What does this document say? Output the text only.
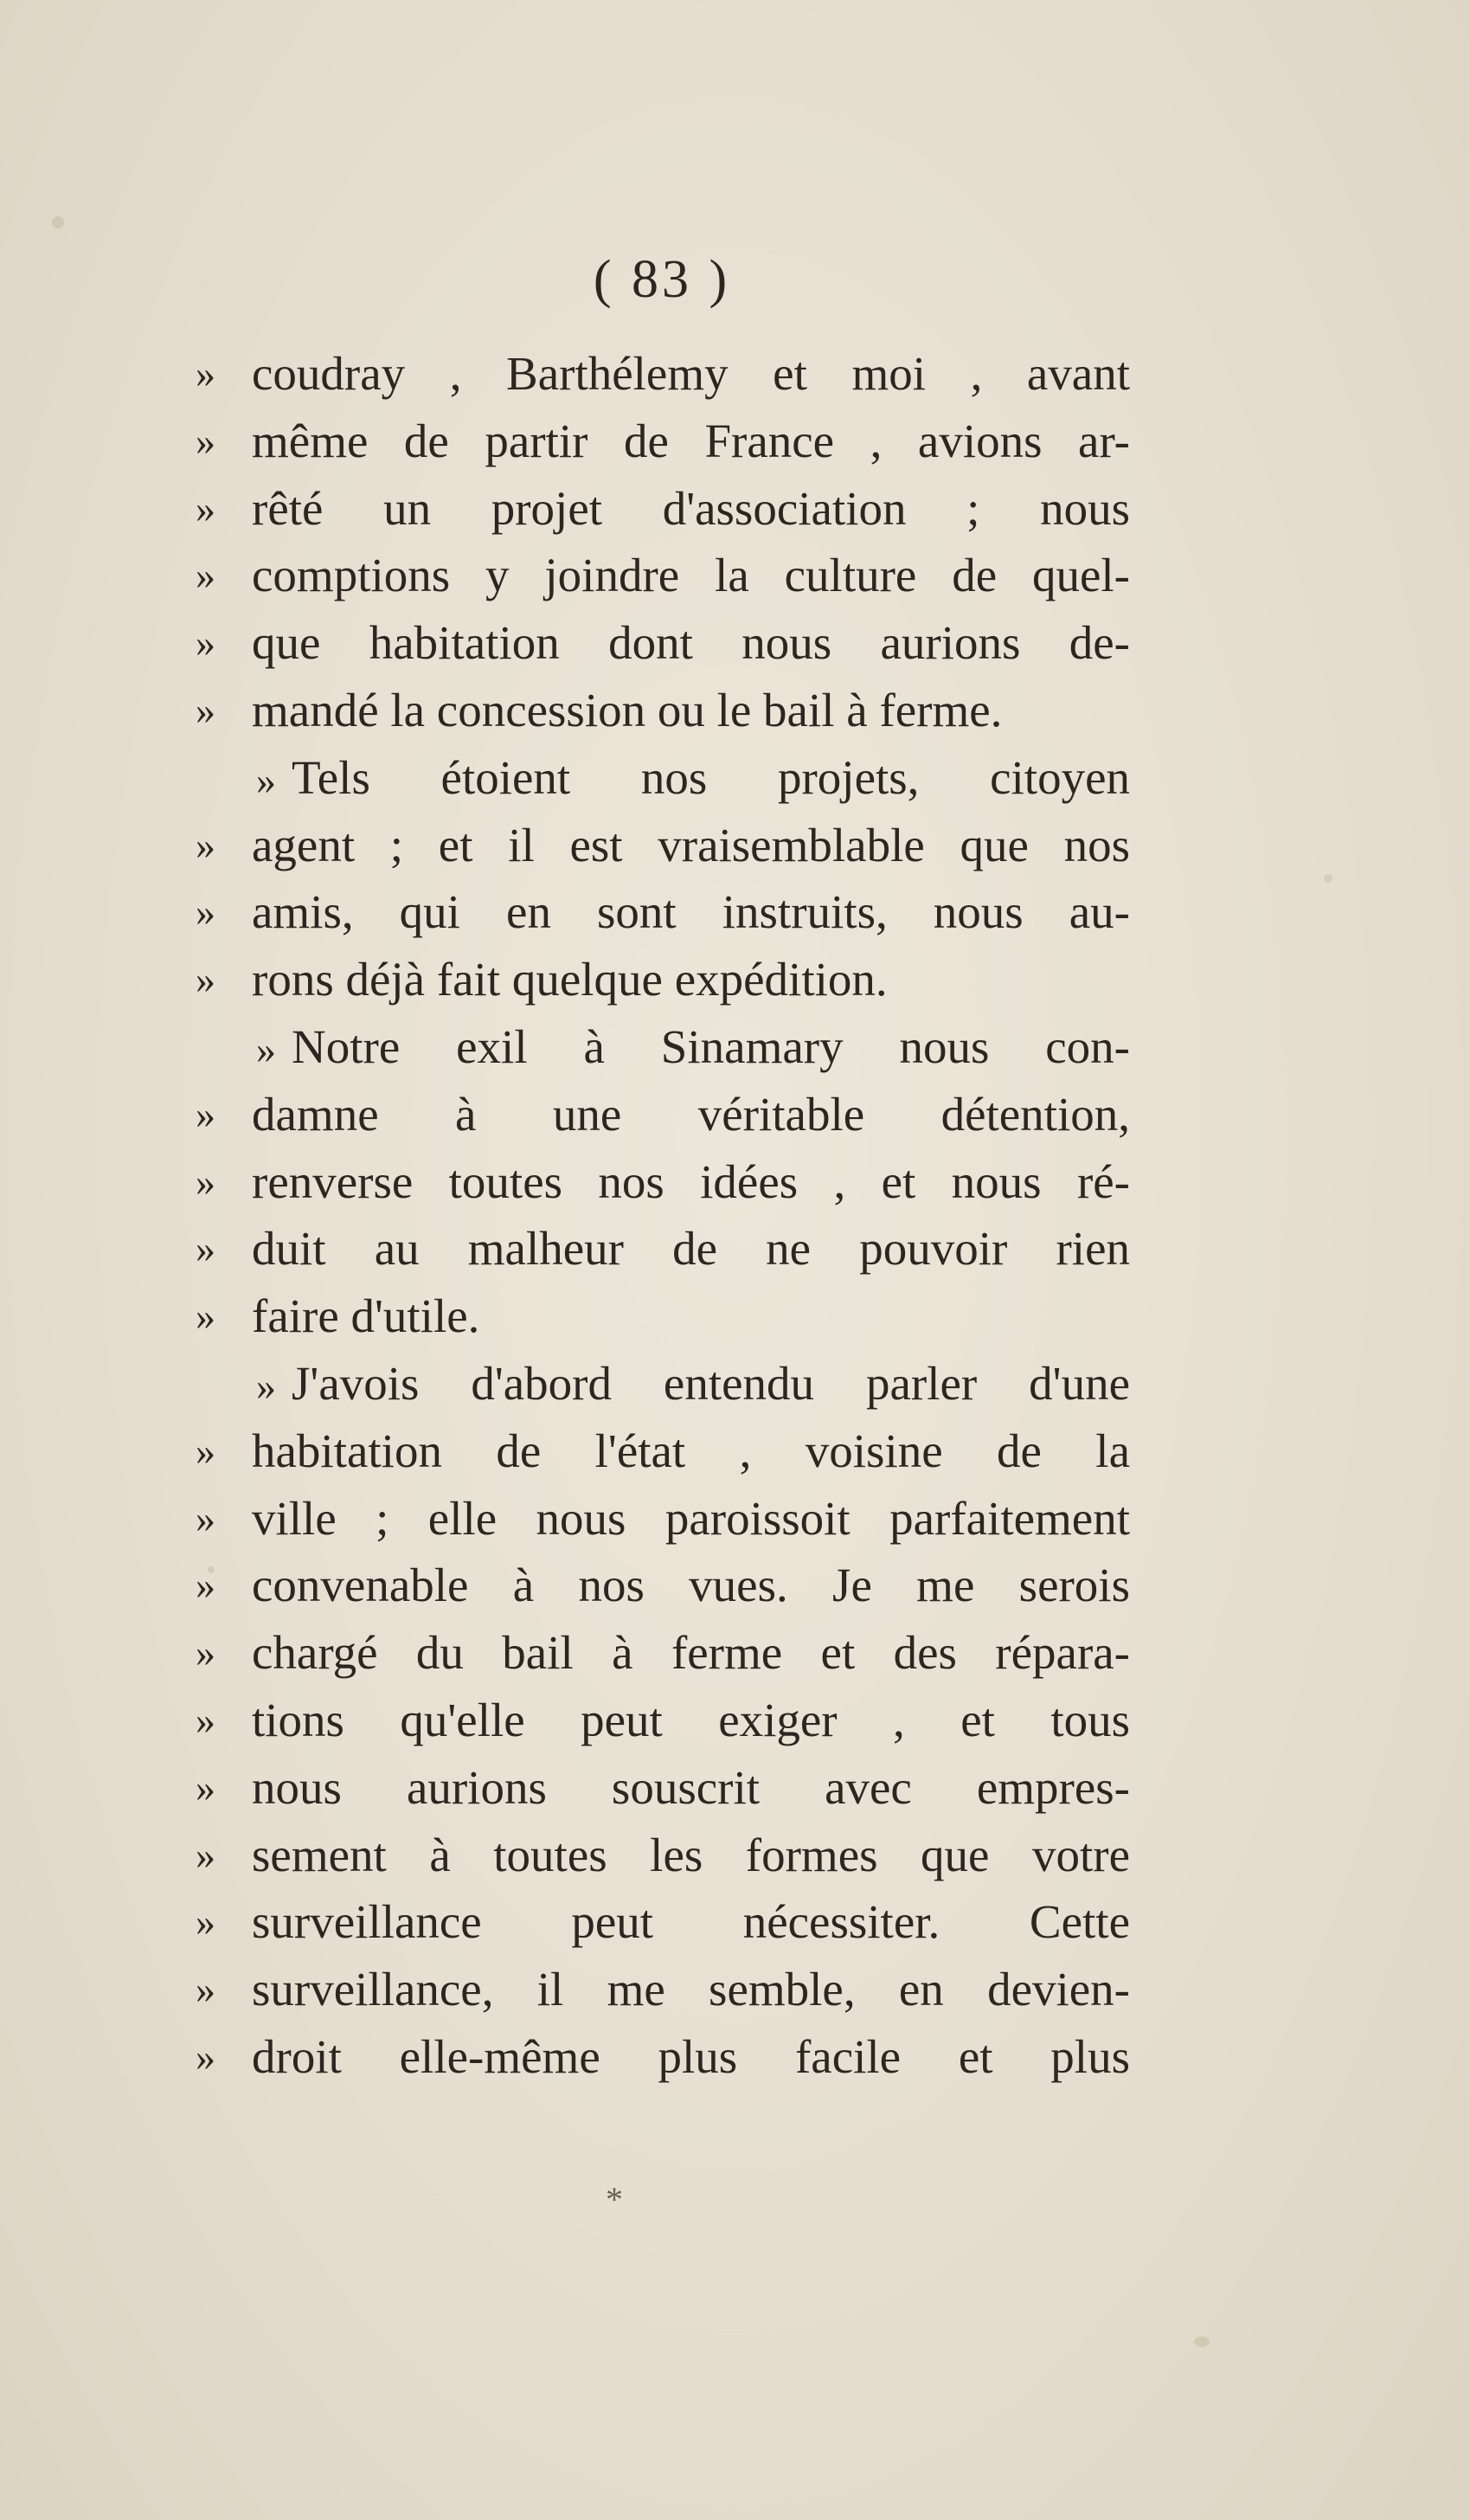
( 83 )
» coudray , Barthélemy et moi , avant
» même de partir de France , avions ar-
» rêté un projet d'association ; nous
» comptions y joindre la culture de quel-
» que habitation dont nous aurions de-
» mandé la concession ou le bail à ferme.
» Tels étoient nos projets, citoyen
» agent ; et il est vraisemblable que nos
» amis, qui en sont instruits, nous au-
» rons déjà fait quelque expédition.
» Notre exil à Sinamary nous con-
» damne à une véritable détention,
» renverse toutes nos idées , et nous ré-
» duit au malheur de ne pouvoir rien
» faire d'utile.
» J'avois d'abord entendu parler d'une
» habitation de l'état , voisine de la
» ville ; elle nous paroissoit parfaitement
» convenable à nos vues. Je me serois
» chargé du bail à ferme et des répara-
» tions qu'elle peut exiger , et tous
» nous aurions souscrit avec empres-
» sement à toutes les formes que votre
» surveillance peut nécessiter. Cette
» surveillance, il me semble, en devien-
» droit elle-même plus facile et plus
*
